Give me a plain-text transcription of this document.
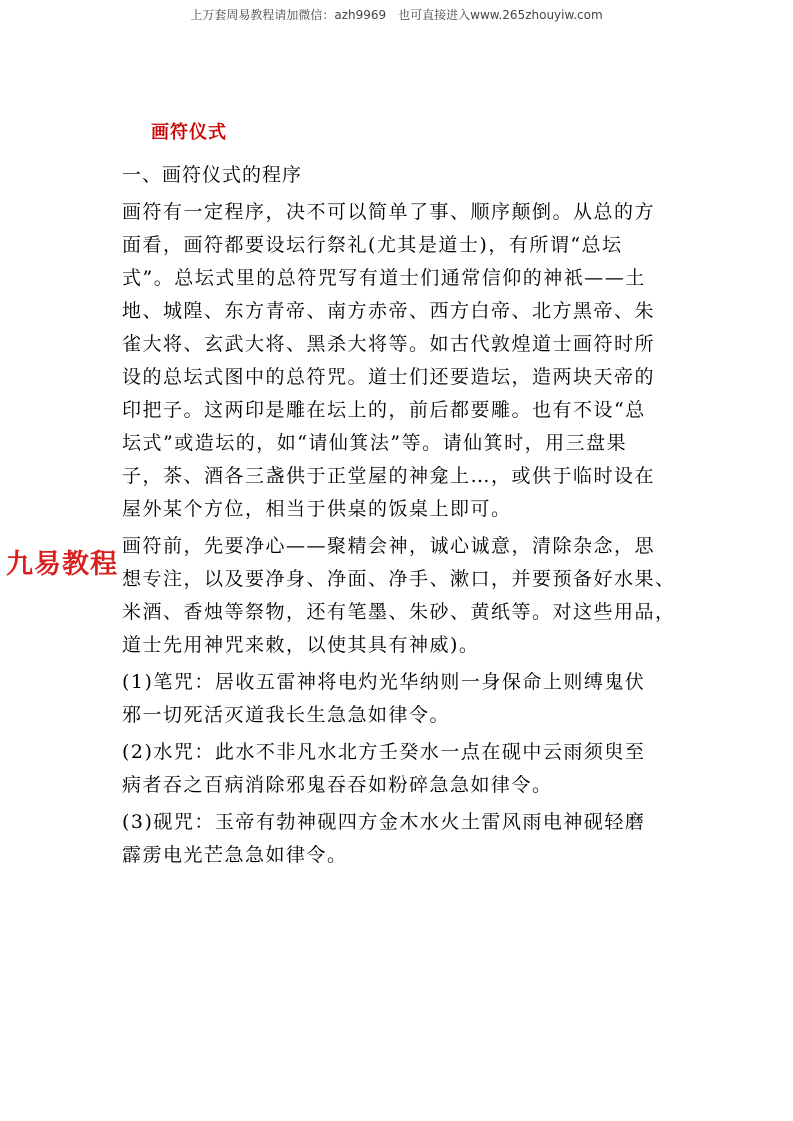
上万套周易教程请加微信：azh9969　也可直接进入www.265zhouyiw.com
画符仪式
一、画符仪式的程序

画符有一定程序，决不可以简单了事、顺序颠倒。从总的方
面看，画符都要设坛行祭礼(尤其是道士)，有所谓“总坛
式”。总坛式里的总符咒写有道士们通常信仰的神祇——土
地、城隍、东方青帝、南方赤帝、西方白帝、北方黑帝、朱
雀大将、玄武大将、黑杀大将等。如古代敦煌道士画符时所
设的总坛式图中的总符咒。道士们还要造坛，造两块天帝的
印把子。这两印是雕在坛上的，前后都要雕。也有不设“总
坛式”或造坛的，如“请仙箕法”等。请仙箕时，用三盘果
子，茶、酒各三盏供于正堂屋的神龛上…，或供于临时设在
屋外某个方位，相当于供桌的饭桌上即可。

画符前，先要净心——聚精会神，诚心诚意，清除杂念，思
想专注，以及要净身、净面、净手、漱口，并要预备好水果、
米酒、香烛等祭物，还有笔墨、朱砂、黄纸等。对这些用品，
道士先用神咒来敕，以使其具有神威)。

(1)笔咒：居收五雷神将电灼光华纳则一身保命上则缚鬼伏
邪一切死活灭道我长生急急如律令。

(2)水咒：此水不非凡水北方壬癸水一点在砚中云雨须臾至
病者吞之百病消除邪鬼吞吞如粉碎急急如律令。

(3)砚咒：玉帝有勃神砚四方金木水火土雷风雨电神砚轻磨
霹雳电光芒急急如律令。

九易教程
